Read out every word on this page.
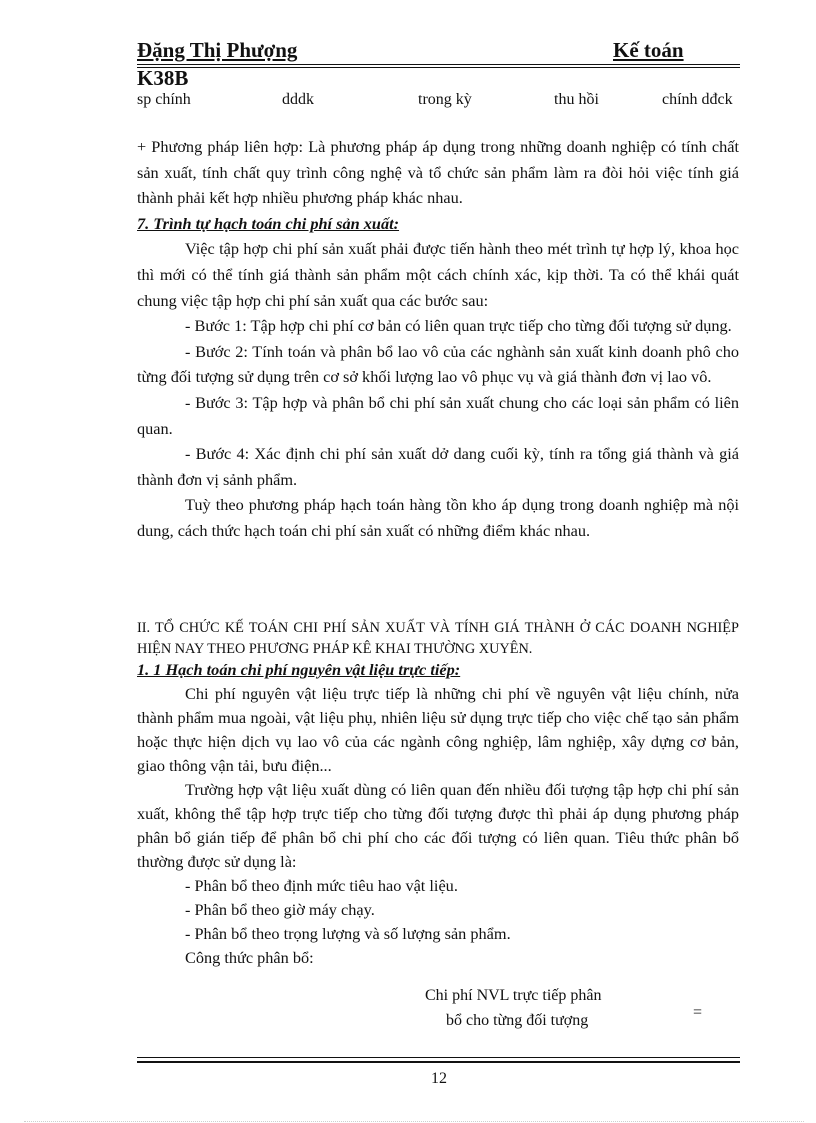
Đặng Thị Phượng	Kế toán
K38B
sp chính	dddk	trong kỳ	thu hồi	chính dđck

+ Phương pháp liên hợp: Là phương pháp áp dụng trong những doanh nghiệp có tính chất sản xuất, tính chất quy trình công nghệ và tổ chức sản phẩm làm ra đòi hỏi việc tính giá thành phải kết hợp nhiều phương pháp khác nhau.

7. Trình tự hạch toán chi phí sản xuất:

Việc tập hợp chi phí sản xuất phải được tiến hành theo mét trình tự hợp lý, khoa học thì mới có thể tính giá thành sản phẩm một cách chính xác, kịp thời. Ta có thể khái quát chung việc tập hợp chi phí sản xuất qua các bước sau:

- Bước 1: Tập hợp chi phí cơ bản có liên quan trực tiếp cho từng đối tượng sử dụng.

- Bước 2: Tính toán và phân bổ lao vô của các nghành sản xuất kinh doanh phô cho từng đối tượng sử dụng trên cơ sở khối lượng lao vô phục vụ và giá thành đơn vị lao vô.

- Bước 3: Tập hợp và phân bổ chi phí sản xuất chung cho các loại sản phẩm có liên quan.

- Bước 4: Xác định chi phí sản xuất dở dang cuối kỳ, tính ra tổng giá thành và giá thành đơn vị sảnh phẩm.

Tuỳ theo phương pháp hạch toán hàng tồn kho áp dụng trong doanh nghiệp mà nội dung, cách thức hạch toán chi phí sản xuất có những điểm khác nhau.

II. TỔ CHỨC KẾ TOÁN CHI PHÍ SẢN XUẤT VÀ TÍNH GIÁ THÀNH Ở CÁC DOANH NGHIỆP HIỆN NAY THEO PHƯƠNG PHÁP KÊ KHAI THƯỜNG XUYÊN.

1. 1 Hạch toán chi phí nguyên vật liệu trực tiếp:

Chi phí nguyên vật liệu trực tiếp là những chi phí về nguyên vật liệu chính, nửa thành phẩm mua ngoài, vật liệu phụ, nhiên liệu sử dụng trực tiếp cho việc chế tạo sản phẩm hoặc thực hiện dịch vụ lao vô của các ngành công nghiệp, lâm nghiệp, xây dựng cơ bản, giao thông vận tải, bưu điện...

Trường hợp vật liệu xuất dùng có liên quan đến nhiều đối tượng tập hợp chi phí sản xuất, không thể tập hợp trực tiếp cho từng đối tượng được thì phải áp dụng phương pháp phân bổ gián tiếp để phân bổ chi phí cho các đối tượng có liên quan. Tiêu thức phân bổ thường được sử dụng là:

- Phân bổ theo định mức tiêu hao vật liệu.

- Phân bổ theo giờ máy chạy.

- Phân bổ theo trọng lượng và số lượng sản phẩm.

Công thức phân bổ:

Chi phí NVL trực tiếp phân
bổ cho từng đối tượng	=
12
